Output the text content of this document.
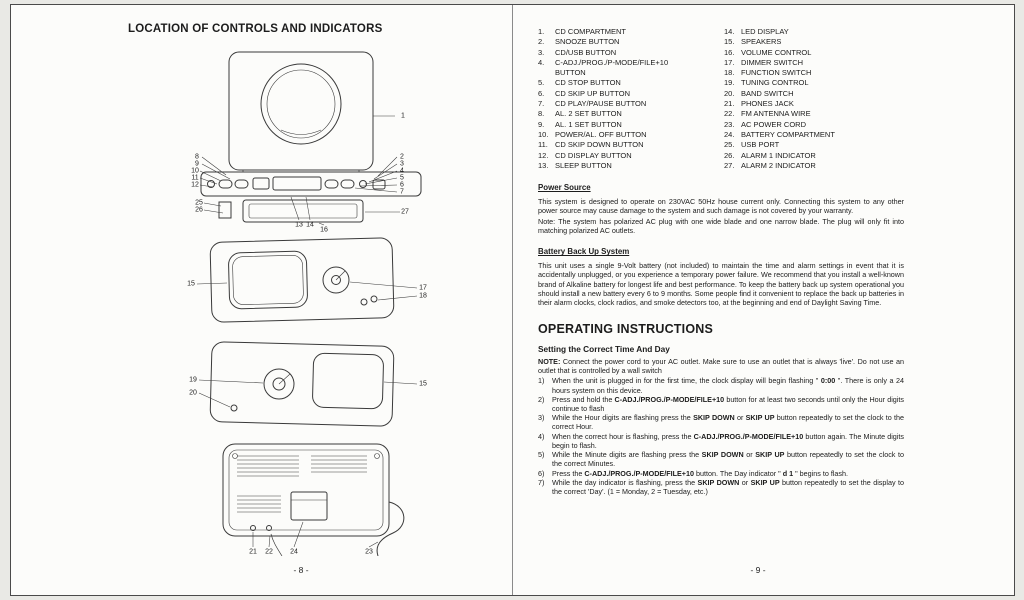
LOCATION OF CONTROLS AND INDICATORS
1
2
3
4
5
6
7
8
9
10
11
12
25
26	27
13 14
16
15
17
18
19
20
15
21 22 24	23
- 8 -
1.	CD COMPARTMENT
2.	SNOOZE BUTTON
3.	CD/USB BUTTON
4.	C-ADJ./PROG./P-MODE/FILE+10 BUTTON
5.	CD STOP BUTTON
6.	CD SKIP UP BUTTON
7.	CD PLAY/PAUSE BUTTON
8.	AL. 2 SET BUTTON
9.	AL. 1 SET BUTTON
10. POWER/AL. OFF BUTTON
11. CD SKIP DOWN BUTTON
12. CD DISPLAY BUTTON
13. SLEEP BUTTON
14. LED DISPLAY
15. SPEAKERS
16. VOLUME CONTROL
17. DIMMER SWITCH
18. FUNCTION SWITCH
19. TUNING CONTROL
20. BAND SWITCH
21. PHONES JACK
22. FM ANTENNA WIRE
23. AC POWER CORD
24. BATTERY COMPARTMENT
25. USB PORT
26. ALARM 1 INDICATOR
27. ALARM 2 INDICATOR
Power Source

This system is designed to operate on 230VAC 50Hz house current only. Connecting this system to any other power source may cause damage to the system and such damage is not covered by your warranty.

Note: The system has polarized AC plug with one wide blade and one narrow blade. The plug will only fit into matching polarized AC outlets.

Battery Back Up System

This unit uses a single 9-Volt battery (not included) to maintain the time and alarm settings in event that it is accidentally unplugged, or you experience a temporary power failure. We recommend that you install a well-known brand of Alkaline battery for longest life and best performance. To keep the battery back up system operational you should install a new battery every 6 to 9 months. Some people find it convenient to replace the back up batteries in their alarm clocks, clock radios, and smoke detectors too, at the beginning and end of Daylight Saving Time.

OPERATING INSTRUCTIONS
Setting the Correct Time And Day

NOTE: Connect the power cord to your AC outlet. Make sure to use an outlet that is always 'live'. Do not use an outlet that is controlled by a wall switch

1)	When the unit is plugged in for the first time, the clock display will begin flashing " 0:00 ". There is only a 24 hours system on this device.
2)	Press and hold the C-ADJ./PROG./P-MODE/FILE+10 button for at least two seconds until only the Hour digits continue to flash
3)	While the Hour digits are flashing press the SKIP DOWN or SKIP UP button repeatedly to set the clock to the correct Hour.
4)	When the correct hour is flashing, press the C-ADJ./PROG./P-MODE/FILE+10 button again. The Minute digits begin to flash.
5)	While the Minute digits are flashing press the SKIP DOWN or SKIP UP button repeatedly to set the clock to the correct Minutes.
6)	Press the C-ADJ./PROG./P-MODE/FILE+10 button. The Day indicator " d 1 " begins to flash.
7)	While the day indicator is flashing, press the SKIP DOWN or SKIP UP button repeatedly to set the display to the correct 'Day'. (1 = Monday, 2 = Tuesday, etc.)
- 9 -
